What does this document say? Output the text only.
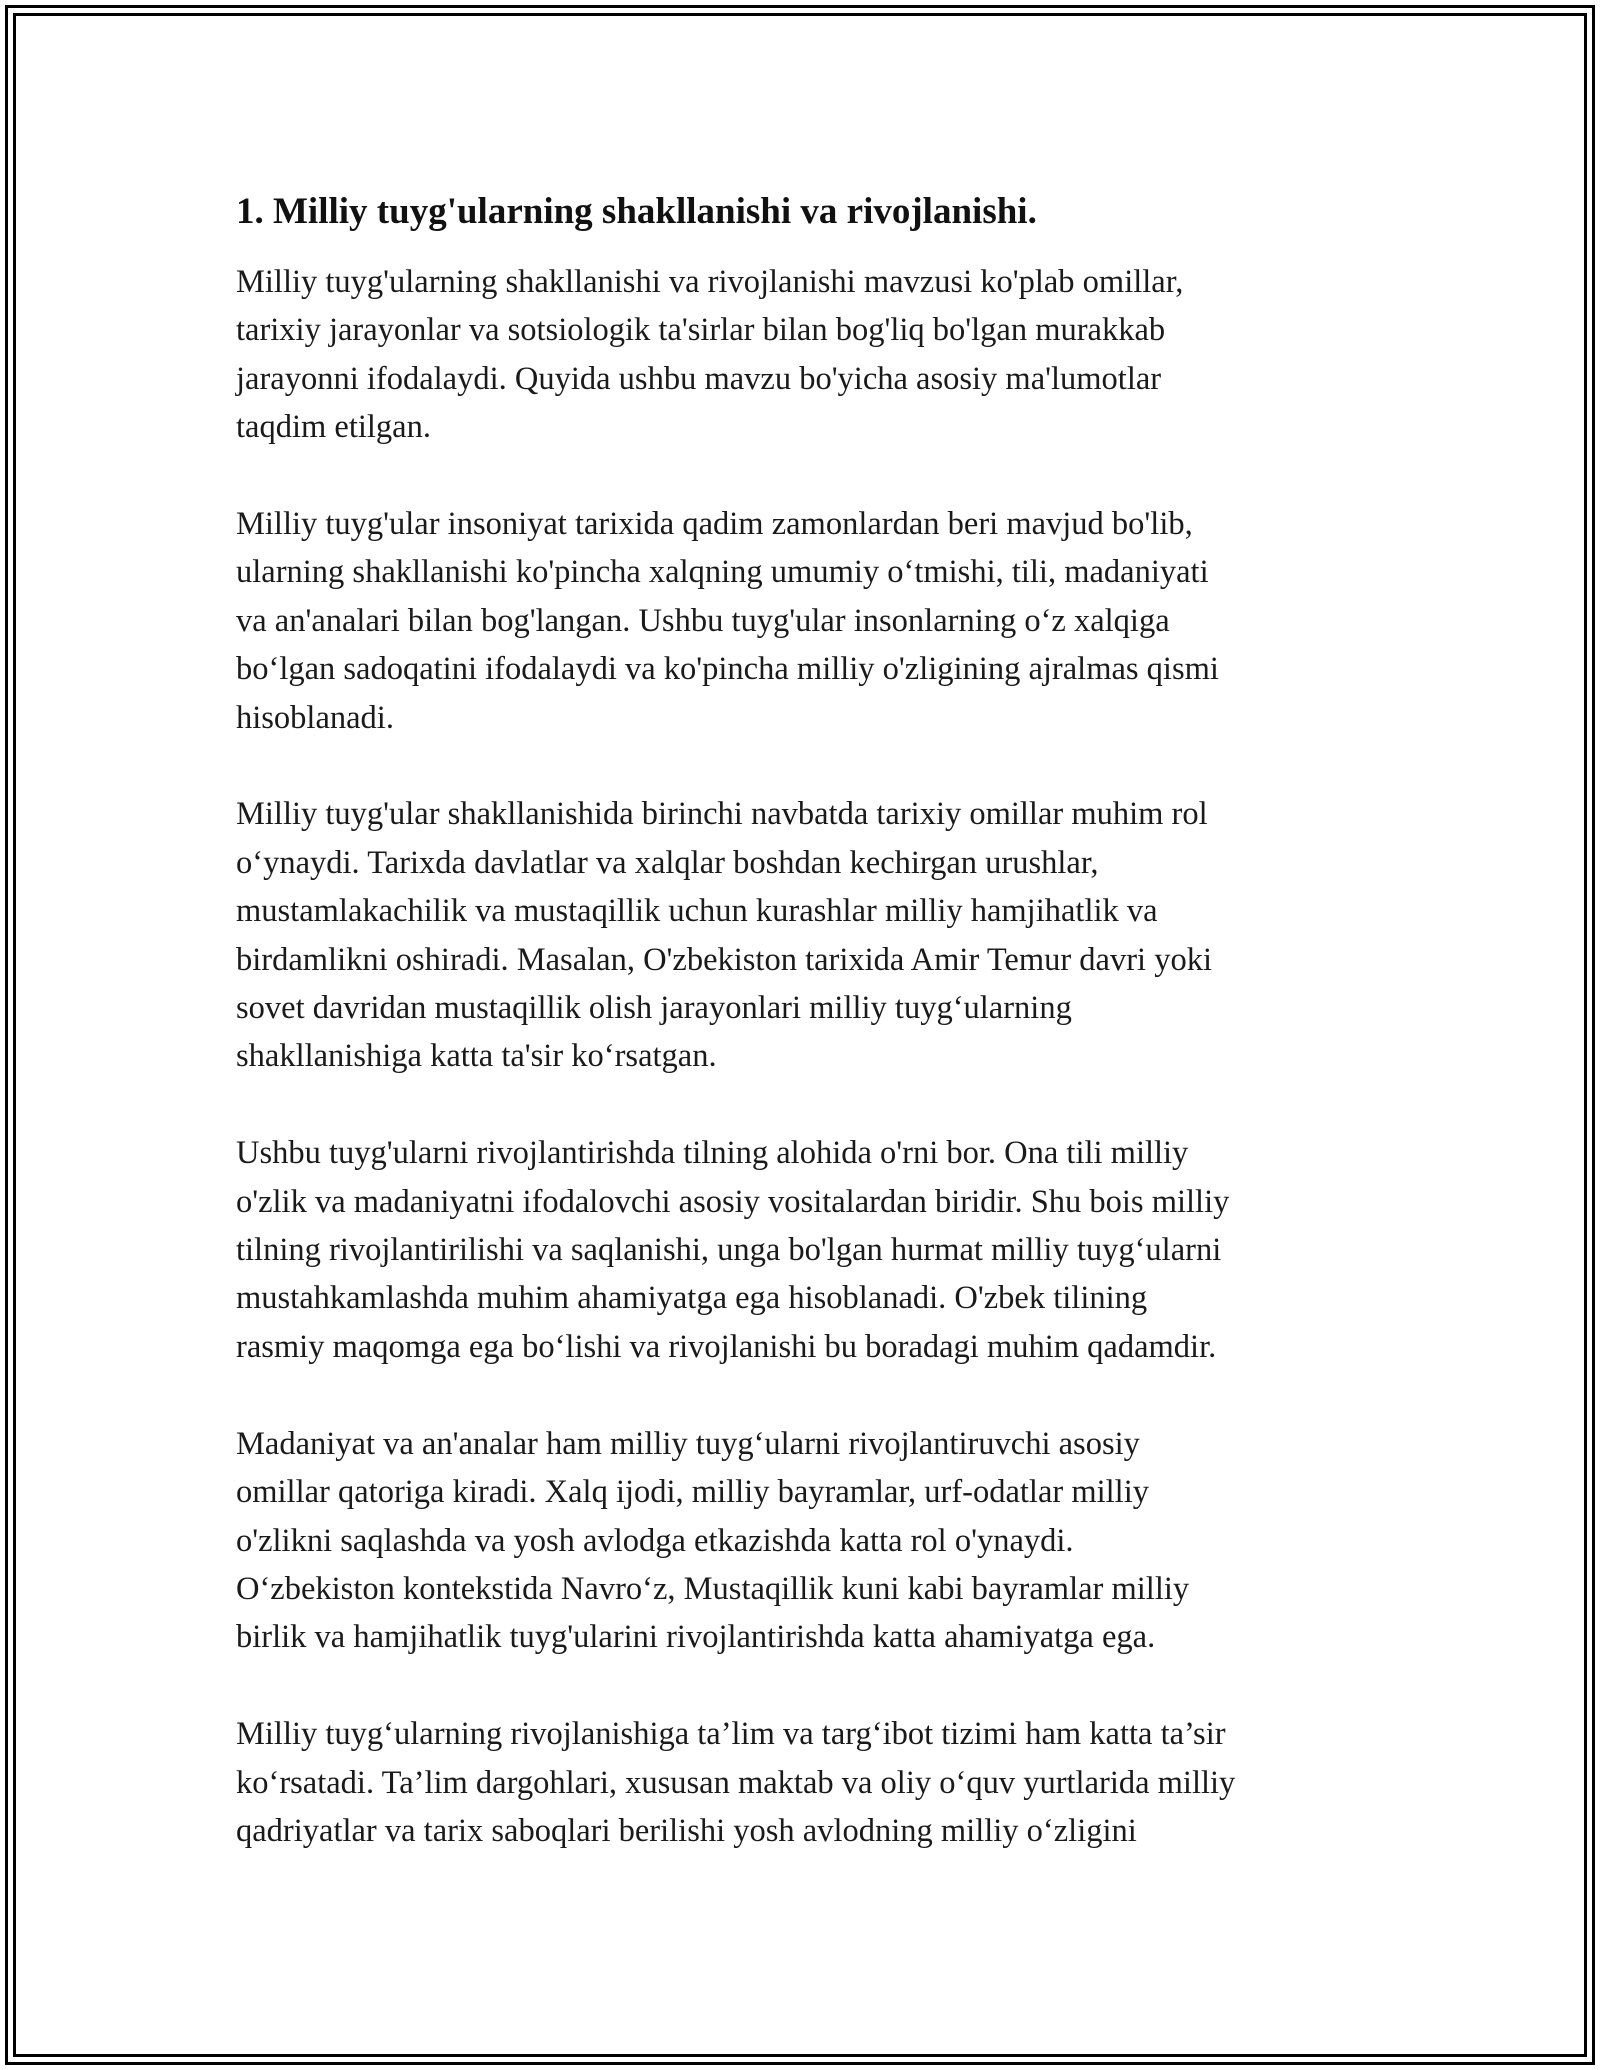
1. Milliy tuyg'ularning shakllanishi va rivojlanishi.

Milliy tuyg'ularning shakllanishi va rivojlanishi mavzusi ko'plab omillar,
tarixiy jarayonlar va sotsiologik ta'sirlar bilan bog'liq bo'lgan murakkab
jarayonni ifodalaydi. Quyida ushbu mavzu bo'yicha asosiy ma'lumotlar
taqdim etilgan.

Milliy tuyg'ular insoniyat tarixida qadim zamonlardan beri mavjud bo'lib,
ularning shakllanishi ko'pincha xalqning umumiy o‘tmishi, tili, madaniyati
va an'analari bilan bog'langan. Ushbu tuyg'ular insonlarning o‘z xalqiga
bo‘lgan sadoqatini ifodalaydi va ko'pincha milliy o'zligining ajralmas qismi
hisoblanadi.

Milliy tuyg'ular shakllanishida birinchi navbatda tarixiy omillar muhim rol
o‘ynaydi. Tarixda davlatlar va xalqlar boshdan kechirgan urushlar,
mustamlakachilik va mustaqillik uchun kurashlar milliy hamjihatlik va
birdamlikni oshiradi. Masalan, O'zbekiston tarixida Amir Temur davri yoki
sovet davridan mustaqillik olish jarayonlari milliy tuyg‘ularning
shakllanishiga katta ta'sir ko‘rsatgan.

Ushbu tuyg'ularni rivojlantirishda tilning alohida o'rni bor. Ona tili milliy
o'zlik va madaniyatni ifodalovchi asosiy vositalardan biridir. Shu bois milliy
tilning rivojlantirilishi va saqlanishi, unga bo'lgan hurmat milliy tuyg‘ularni
mustahkamlashda muhim ahamiyatga ega hisoblanadi. O'zbek tilining
rasmiy maqomga ega bo‘lishi va rivojlanishi bu boradagi muhim qadamdir.

Madaniyat va an'analar ham milliy tuyg‘ularni rivojlantiruvchi asosiy
omillar qatoriga kiradi. Xalq ijodi, milliy bayramlar, urf-odatlar milliy
o'zlikni saqlashda va yosh avlodga etkazishda katta rol o'ynaydi.
O‘zbekiston kontekstida Navro‘z, Mustaqillik kuni kabi bayramlar milliy
birlik va hamjihatlik tuyg'ularini rivojlantirishda katta ahamiyatga ega.

Milliy tuyg‘ularning rivojlanishiga ta’lim va targ‘ibot tizimi ham katta ta’sir
ko‘rsatadi. Ta’lim dargohlari, xususan maktab va oliy o‘quv yurtlarida milliy
qadriyatlar va tarix saboqlari berilishi yosh avlodning milliy o‘zligini
